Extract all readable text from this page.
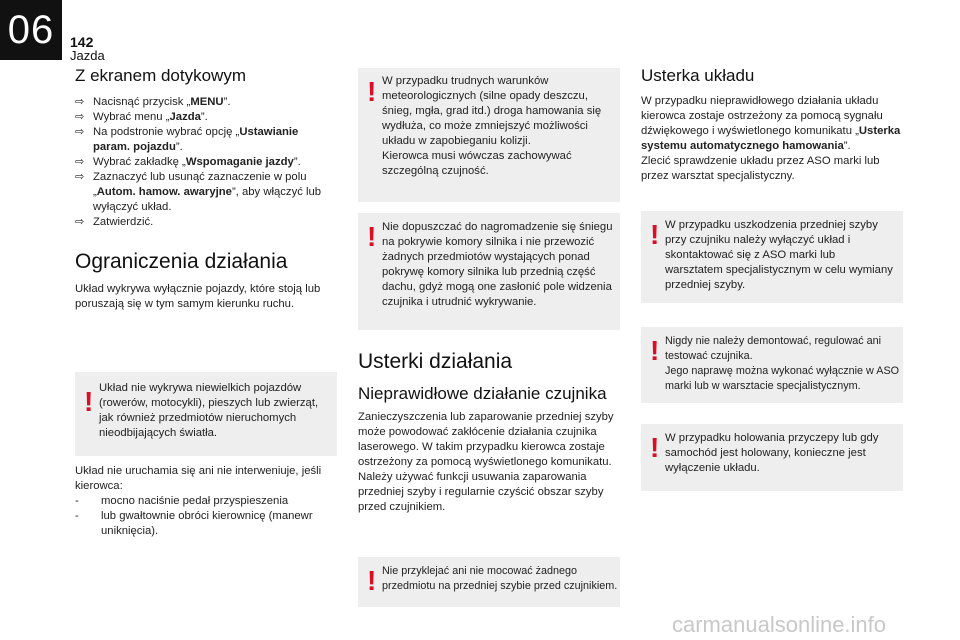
06 142
Jazda
Z ekranem dotykowym
⇨ Nacisnąć przycisk „MENU”.
⇨ Wybrać menu „Jazda”.
⇨ Na podstronie wybrać opcję „Ustawianie param. pojazdu”.
⇨ Wybrać zakładkę „Wspomaganie jazdy”.
⇨ Zaznaczyć lub usunąć zaznaczenie w polu „Autom. hamow. awaryjne”, aby włączyć lub wyłączyć układ.
⇨ Zatwierdzić.
Ograniczenia działania

Układ wykrywa wyłącznie pojazdy, które stoją lub poruszają się w tym samym kierunku ruchu.

! Układ nie wykrywa niewielkich pojazdów (rowerów, motocykli), pieszych lub zwierząt, jak również przedmiotów nieruchomych nieodbijających światła.

Układ nie uruchamia się ani nie interweniuje, jeśli kierowca:

- mocno naciśnie pedał przyspieszenia
- lub gwałtownie obróci kierownicę (manewr uniknięcia).
! W przypadku trudnych warunków meteorologicznych (silne opady deszczu, śnieg, mgła, grad itd.) droga hamowania się wydłuża, co może zmniejszyć możliwości układu w zapobieganiu kolizji.
Kierowca musi wówczas zachowywać szczególną czujność.

! Nie dopuszczać do nagromadzenie się śniegu na pokrywie komory silnika i nie przewozić żadnych przedmiotów wystających ponad pokrywę komory silnika lub przednią część dachu, gdyż mogą one zasłonić pole widzenia czujnika i utrudnić wykrywanie.

Usterki działania
Nieprawidłowe działanie czujnika

Zanieczyszczenia lub zaparowanie przedniej szyby może powodować zakłócenie działania czujnika laserowego. W takim przypadku kierowca zostaje ostrzeżony za pomocą wyświetlonego komunikatu. Należy używać funkcji usuwania zaparowania przedniej szyby i regularnie czyścić obszar szyby przed czujnikiem.

! Nie przyklejać ani nie mocować żadnego przedmiotu na przedniej szybie przed czujnikiem.

Usterka układu

W przypadku nieprawidłowego działania układu kierowca zostaje ostrzeżony za pomocą sygnału dźwiękowego i wyświetlonego komunikatu „Usterka systemu automatycznego hamowania”.
Zlecić sprawdzenie układu przez ASO marki lub przez warsztat specjalistyczny.

! W przypadku uszkodzenia przedniej szyby przy czujniku należy wyłączyć układ i skontaktować się z ASO marki lub warsztatem specjalistycznym w celu wymiany przedniej szyby.

! Nigdy nie należy demontować, regulować ani testować czujnika.
Jego naprawę można wykonać wyłącznie w ASO marki lub w warsztacie specjalistycznym.

! W przypadku holowania przyczepy lub gdy samochód jest holowany, konieczne jest wyłączenie układu.

carmanualsonline.info
